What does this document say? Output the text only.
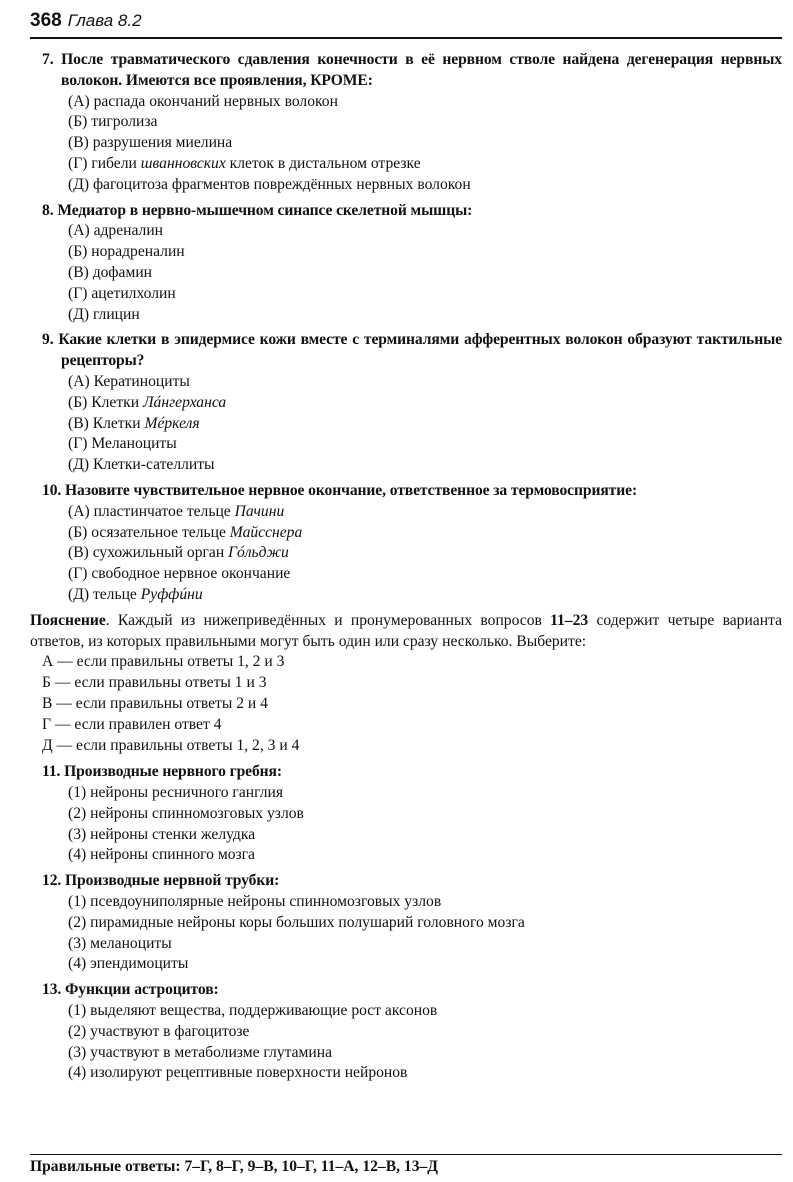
368 Глава 8.2
7. После травматического сдавления конечности в её нервном стволе найдена дегенерация нервных волокон. Имеются все проявления, КРОМЕ:
(А) распада окончаний нервных волокон
(Б) тигролиза
(В) разрушения миелина
(Г) гибели шванновских клеток в дистальном отрезке
(Д) фагоцитоза фрагментов повреждённых нервных волокон
8. Медиатор в нервно-мышечном синапсе скелетной мышцы:
(А) адреналин
(Б) норадреналин
(В) дофамин
(Г) ацетилхолин
(Д) глицин
9. Какие клетки в эпидермисе кожи вместе с терминалями афферентных волокон образуют тактильные рецепторы?
(А) Кератиноциты
(Б) Клетки Лáнгерханса
(В) Клетки Мéркеля
(Г) Меланоциты
(Д) Клетки-сателлиты
10. Назовите чувствительное нервное окончание, ответственное за термовосприятие:
(А) пластинчатое тельце Пачини
(Б) осязательное тельце Майсснера
(В) сухожильный орган Гóльджи
(Г) свободное нервное окончание
(Д) тельце Руффúни
Пояснение. Каждый из нижеприведённых и пронумерованных вопросов 11–23 содержит четыре варианта ответов, из которых правильными могут быть один или сразу несколько. Выберите:
А — если правильны ответы 1, 2 и 3
Б — если правильны ответы 1 и 3
В — если правильны ответы 2 и 4
Г — если правилен ответ 4
Д — если правильны ответы 1, 2, 3 и 4
11. Производные нервного гребня:
(1) нейроны ресничного ганглия
(2) нейроны спинномозговых узлов
(3) нейроны стенки желудка
(4) нейроны спинного мозга
12. Производные нервной трубки:
(1) псевдоуниполярные нейроны спинномозговых узлов
(2) пирамидные нейроны коры больших полушарий головного мозга
(3) меланоциты
(4) эпендимоциты
13. Функции астроцитов:
(1) выделяют вещества, поддерживающие рост аксонов
(2) участвуют в фагоцитозе
(3) участвуют в метаболизме глутамина
(4) изолируют рецептивные поверхности нейронов
Правильные ответы: 7–Г, 8–Г, 9–В, 10–Г, 11–А, 12–В, 13–Д
